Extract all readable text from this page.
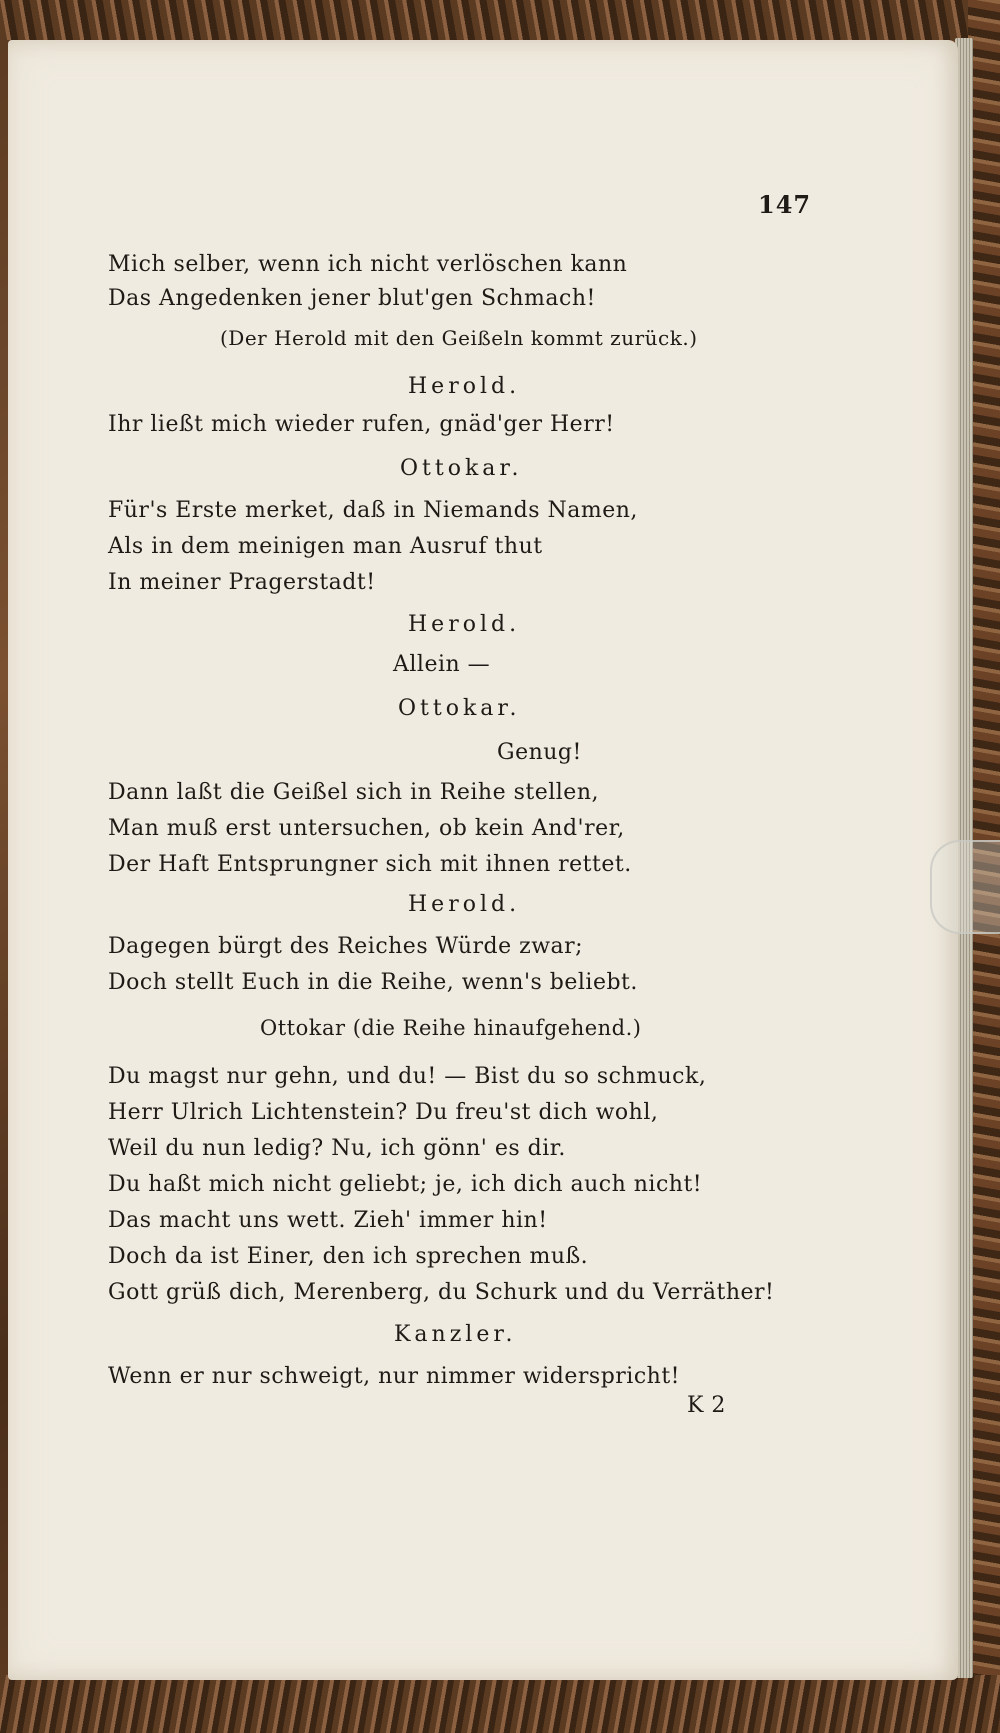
147
Mich selber, wenn ich nicht verlöschen kann
Das Angedenken jener blut'gen Schmach!
(Der Herold mit den Geißeln kommt zurück.)
Herold.
Ihr ließt mich wieder rufen, gnäd'ger Herr!
Ottokar.
Für's Erste merket, daß in Niemands Namen,
Als in dem meinigen man Ausruf thut
In meiner Pragerstadt!
Herold.
Allein —
Ottokar.
Genug!
Dann laßt die Geißel sich in Reihe stellen,
Man muß erst untersuchen, ob kein And'rer,
Der Haft Entsprungner sich mit ihnen rettet.
Herold.
Dagegen bürgt des Reiches Würde zwar;
Doch stellt Euch in die Reihe, wenn's beliebt.
Ottokar (die Reihe hinaufgehend.)
Du magst nur gehn, und du! — Bist du so schmuck,
Herr Ulrich Lichtenstein? Du freu'st dich wohl,
Weil du nun ledig? Nu, ich gönn' es dir.
Du haßt mich nicht geliebt; je, ich dich auch nicht!
Das macht uns wett. Zieh' immer hin!
Doch da ist Einer, den ich sprechen muß.
Gott grüß dich, Merenberg, du Schurk und du Verräther!
Kanzler.
Wenn er nur schweigt, nur nimmer widerspricht!
K 2
